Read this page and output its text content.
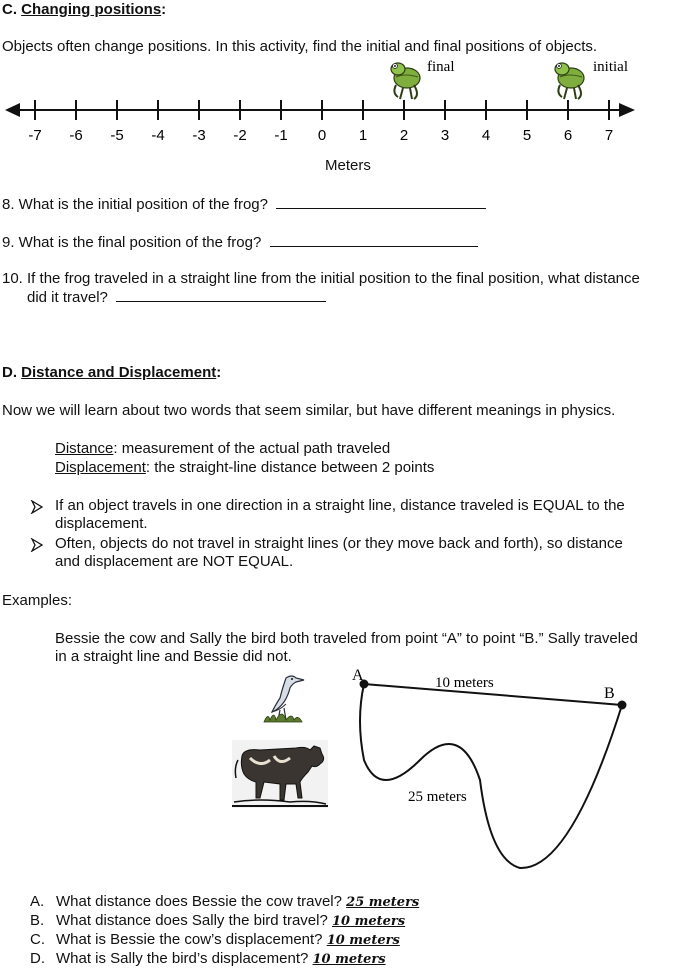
C. Changing positions:
Objects often change positions. In this activity, find the initial and final positions of objects.
final	initial
-7 -6 -5 -4 -3 -2 -1 0 1 2 3 4 5 6 7
Meters
8. What is the initial position of the frog?
9. What is the final position of the frog?
10. If the frog traveled in a straight line from the initial position to the final position, what distance
did it travel?
D. Distance and Displacement:
Now we will learn about two words that seem similar, but have different meanings in physics.
Distance: measurement of the actual path traveled
Displacement: the straight-line distance between 2 points
If an object travels in one direction in a straight line, distance traveled is EQUAL to the
displacement.
Often, objects do not travel in straight lines (or they move back and forth), so distance
and displacement are NOT EQUAL.
Examples:
Bessie the cow and Sally the bird both traveled from point “A” to point “B.” Sally traveled
in a straight line and Bessie did not.
A
B
10 meters
25 meters
A. What distance does Bessie the cow travel? 25 meters
B. What distance does Sally the bird travel? 10 meters
C. What is Bessie the cow’s displacement? 10 meters
D. What is Sally the bird’s displacement? 10 meters
